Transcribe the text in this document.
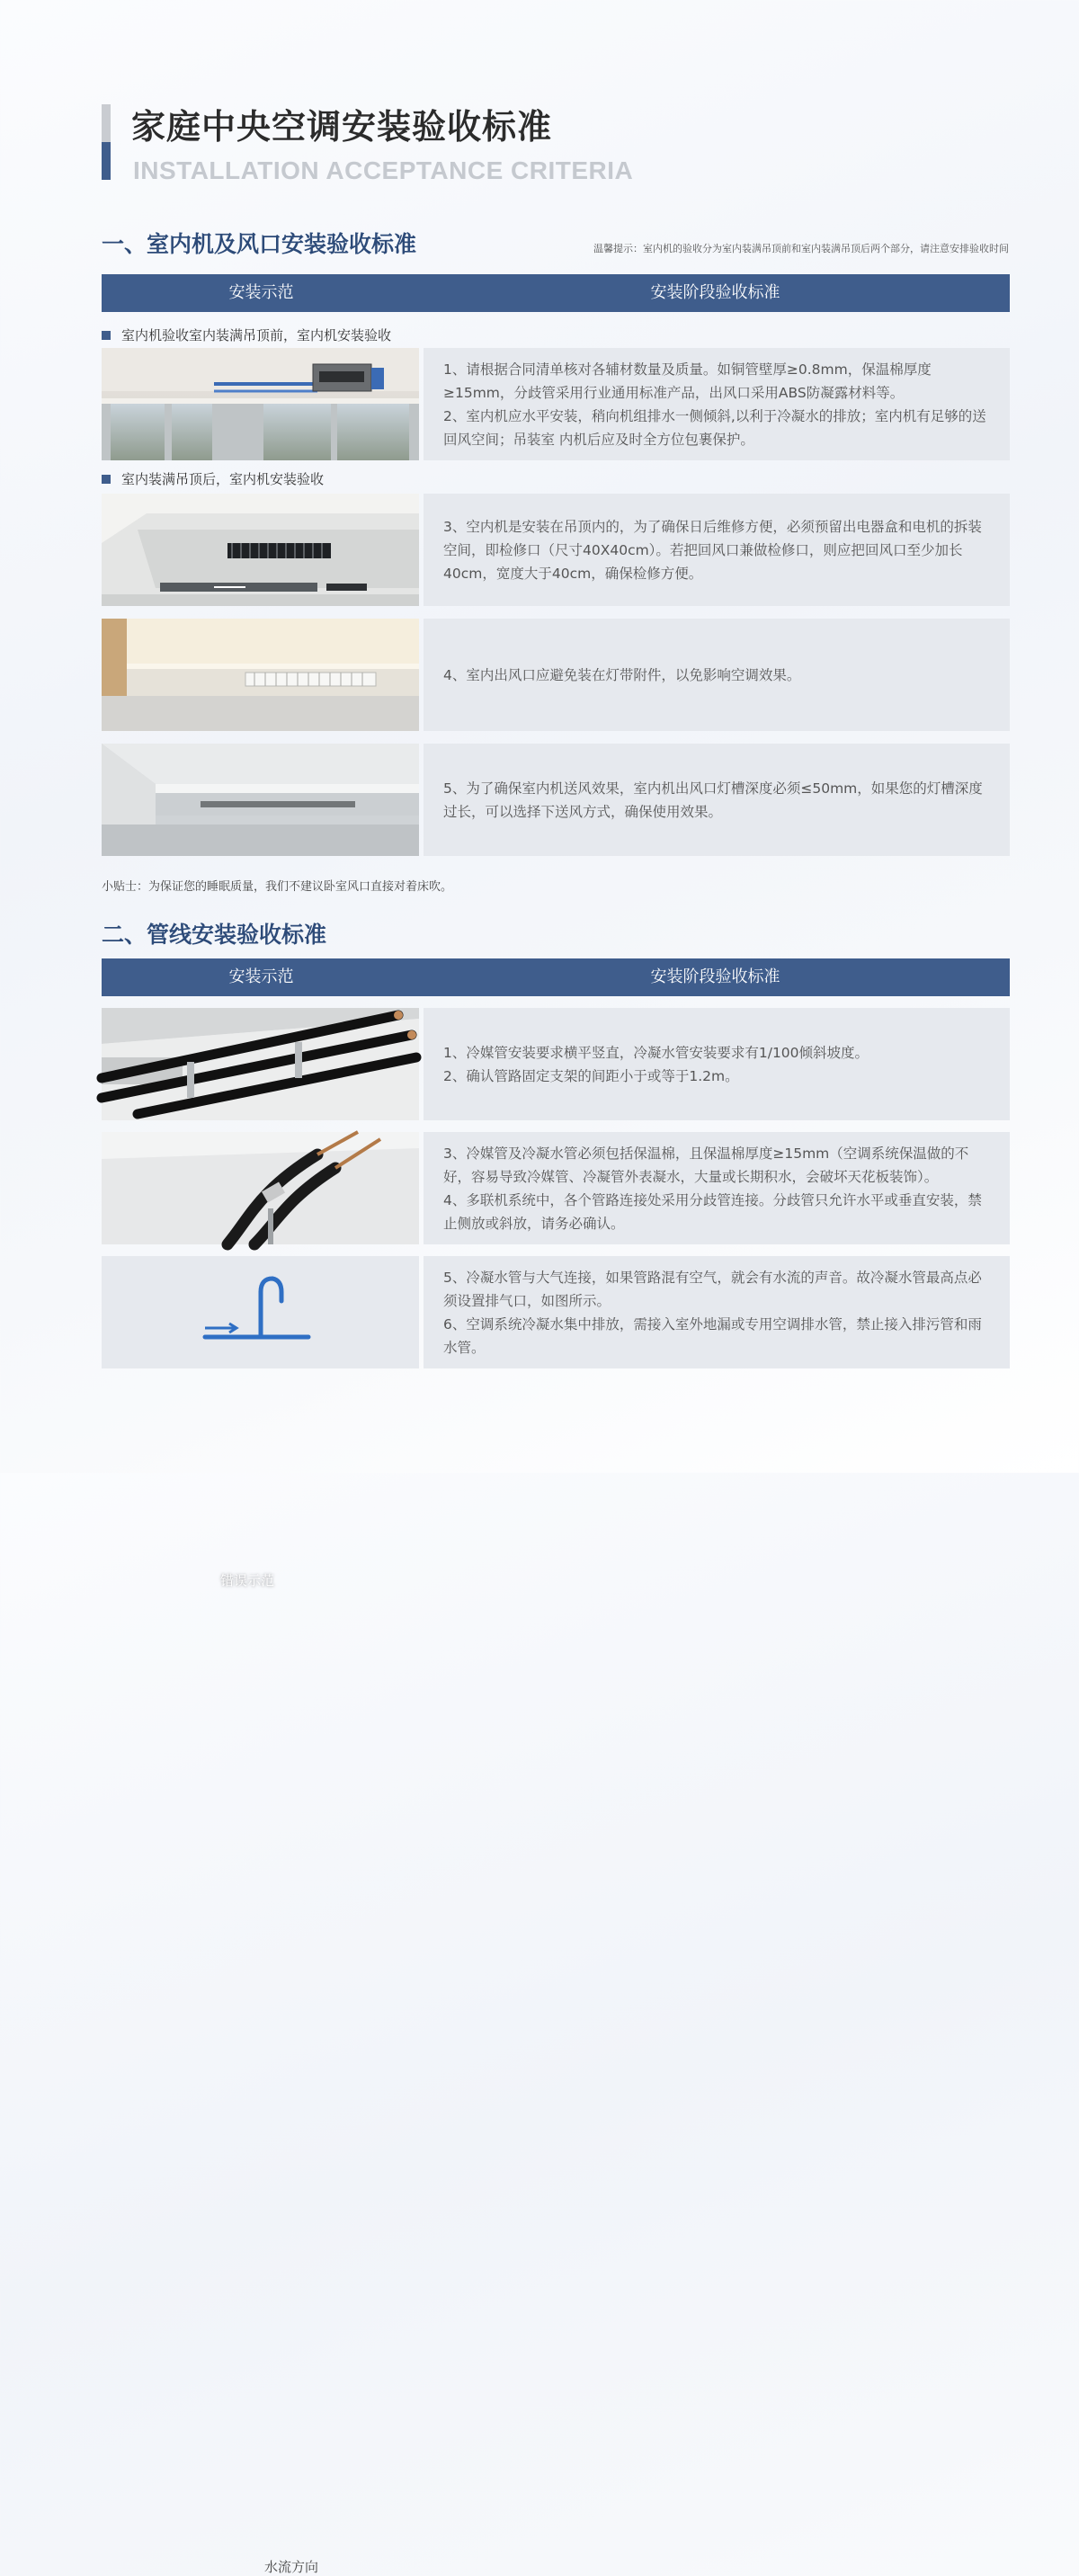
家庭中央空调安装验收标准
INSTALLATION ACCEPTANCE CRITERIA
一、室内机及风口安装验收标准	温馨提示：室内机的验收分为室内装满吊顶前和室内装满吊顶后两个部分，请注意安排验收时间
安装示范	安装阶段验收标准
室内机验收室内装满吊顶前，室内机安装验收

1、请根据合同清单核对各辅材数量及质量。如铜管壁厚≥0.8mm，保温棉厚度≥15mm，分歧管采用行业通用标准产品，出风口采用ABS防凝露材料等。

2、室内机应水平安装，稍向机组排水一侧倾斜,以利于冷凝水的排放；室内机有足够的送回风空间；吊装室 内机后应及时全方位包裹保护。

室内装满吊顶后，室内机安装验收

3、空内机是安装在吊顶内的，为了确保日后维修方便，必须预留出电器盒和电机的拆装空间，即检修口（尺寸40X40cm）。若把回风口兼做检修口，则应把回风口至少加长40cm，宽度大于40cm，确保检修方便。

4、室内出风口应避免装在灯带附件，以免影响空调效果。

错误示范

5、为了确保室内机送风效果，室内机出风口灯槽深度必须≤50mm，如果您的灯槽深度过长，可以选择下送风方式，确保使用效果。

小贴士：为保证您的睡眠质量，我们不建议卧室风口直接对着床吹。
二、管线安装验收标准
安装示范	安装阶段验收标准

1、冷媒管安装要求横平竖直，冷凝水管安装要求有1/100倾斜坡度。

2、确认管路固定支架的间距小于或等于1.2m。

3、冷媒管及冷凝水管必须包括保温棉，且保温棉厚度≥15mm（空调系统保温做的不好，容易导致冷媒管、冷凝管外表凝水，大量或长期积水，会破坏天花板装饰）。

4、多联机系统中，各个管路连接处采用分歧管连接。分歧管只允许水平或垂直安装，禁止侧放或斜放，请务必确认。

水流方向

5、冷凝水管与大气连接，如果管路混有空气，就会有水流的声音。故冷凝水管最高点必须设置排气口，如图所示。

6、空调系统冷凝水集中排放，需接入室外地漏或专用空调排水管，禁止接入排污管和雨水管。
